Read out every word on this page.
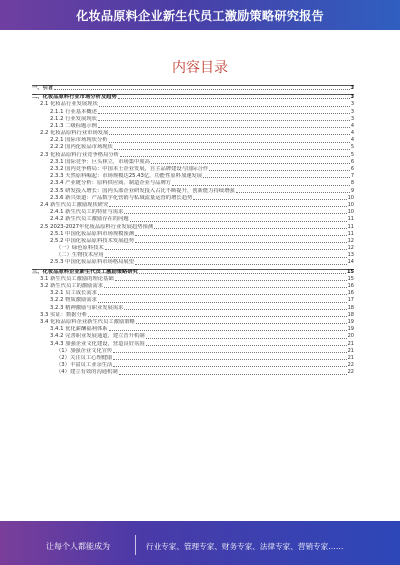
化妆品原料企业新生代员工激励策略研究报告
内容目录
一、引言	3
二、化妆品原料行业市场分析及趋势	3
2.1 化妆品行业发展现状	3
2.1.1 行业基本概述	3
2.1.2 行业发展现状	3
2.1.3 二级标题示例	4
2.2 化妆品原料行业市场发展	4
2.2.1 国际市场现状分析	4
2.2.2 国内化妆品市场现状	5
2.3 化妆品原料行业竞争格局分析	5
2.3.1 国际竞争：巨头林立，市场集中度高	6
2.3.2 国内竞争格局：中国本土企业发展，自主品牌建设与国际合作	6
2.3.3 天然原料崛起：市场规模达25.43亿，功能性原料加速发展	7
2.3.4 产业链分析：原料供应商、制造企业与品牌方	8
2.3.5 研发投入增长：国内头部企业研发投入占比不断提升，创新能力持续增强	9
2.3.6 新兴渠道：产品数字化营销与私域流量运营的增长趋势	10
2.4 新生代员工激励现状研究	10
2.4.1 新生代员工的特征与需求	10
2.4.2 新生代员工激励存在的问题	11
2.5 2023-2027年化妆品原料行业发展趋势预测	11
2.5.1 中国化妆品原料市场规模预测	11
2.5.2 中国化妆品原料技术发展趋势	12
（一）绿色原料技术	12
（二）生物技术应用	13
2.5.3 中国化妆品原料市场格局展望	14
三、化妆品原料企业新生代员工激励策略研究	15
3.1 新生代员工激励的理论基础	15
3.2 新生代员工的激励需求	16
3.2.1 员工成长需求	16
3.2.2 物质激励需求	17
3.2.3 精神激励与职业发展需求	18
3.3 实证：数据分析	18
3.4 化妆品原料企业新生代员工激励策略	19
3.4.1 优化薪酬福利体系	19
3.4.2 完善职业发展通道，建立晋升机制	20
3.4.3 加强企业文化建设，营造良好氛围	21
（1）加强企业文化宣传	21
（2）关注员工心理健康	21
（3）丰富员工业余生活	22
（4）建立有效的沟通机制	22
让每个人都能成为	行业专家、管理专家、财务专家、法律专家、营销专家……
